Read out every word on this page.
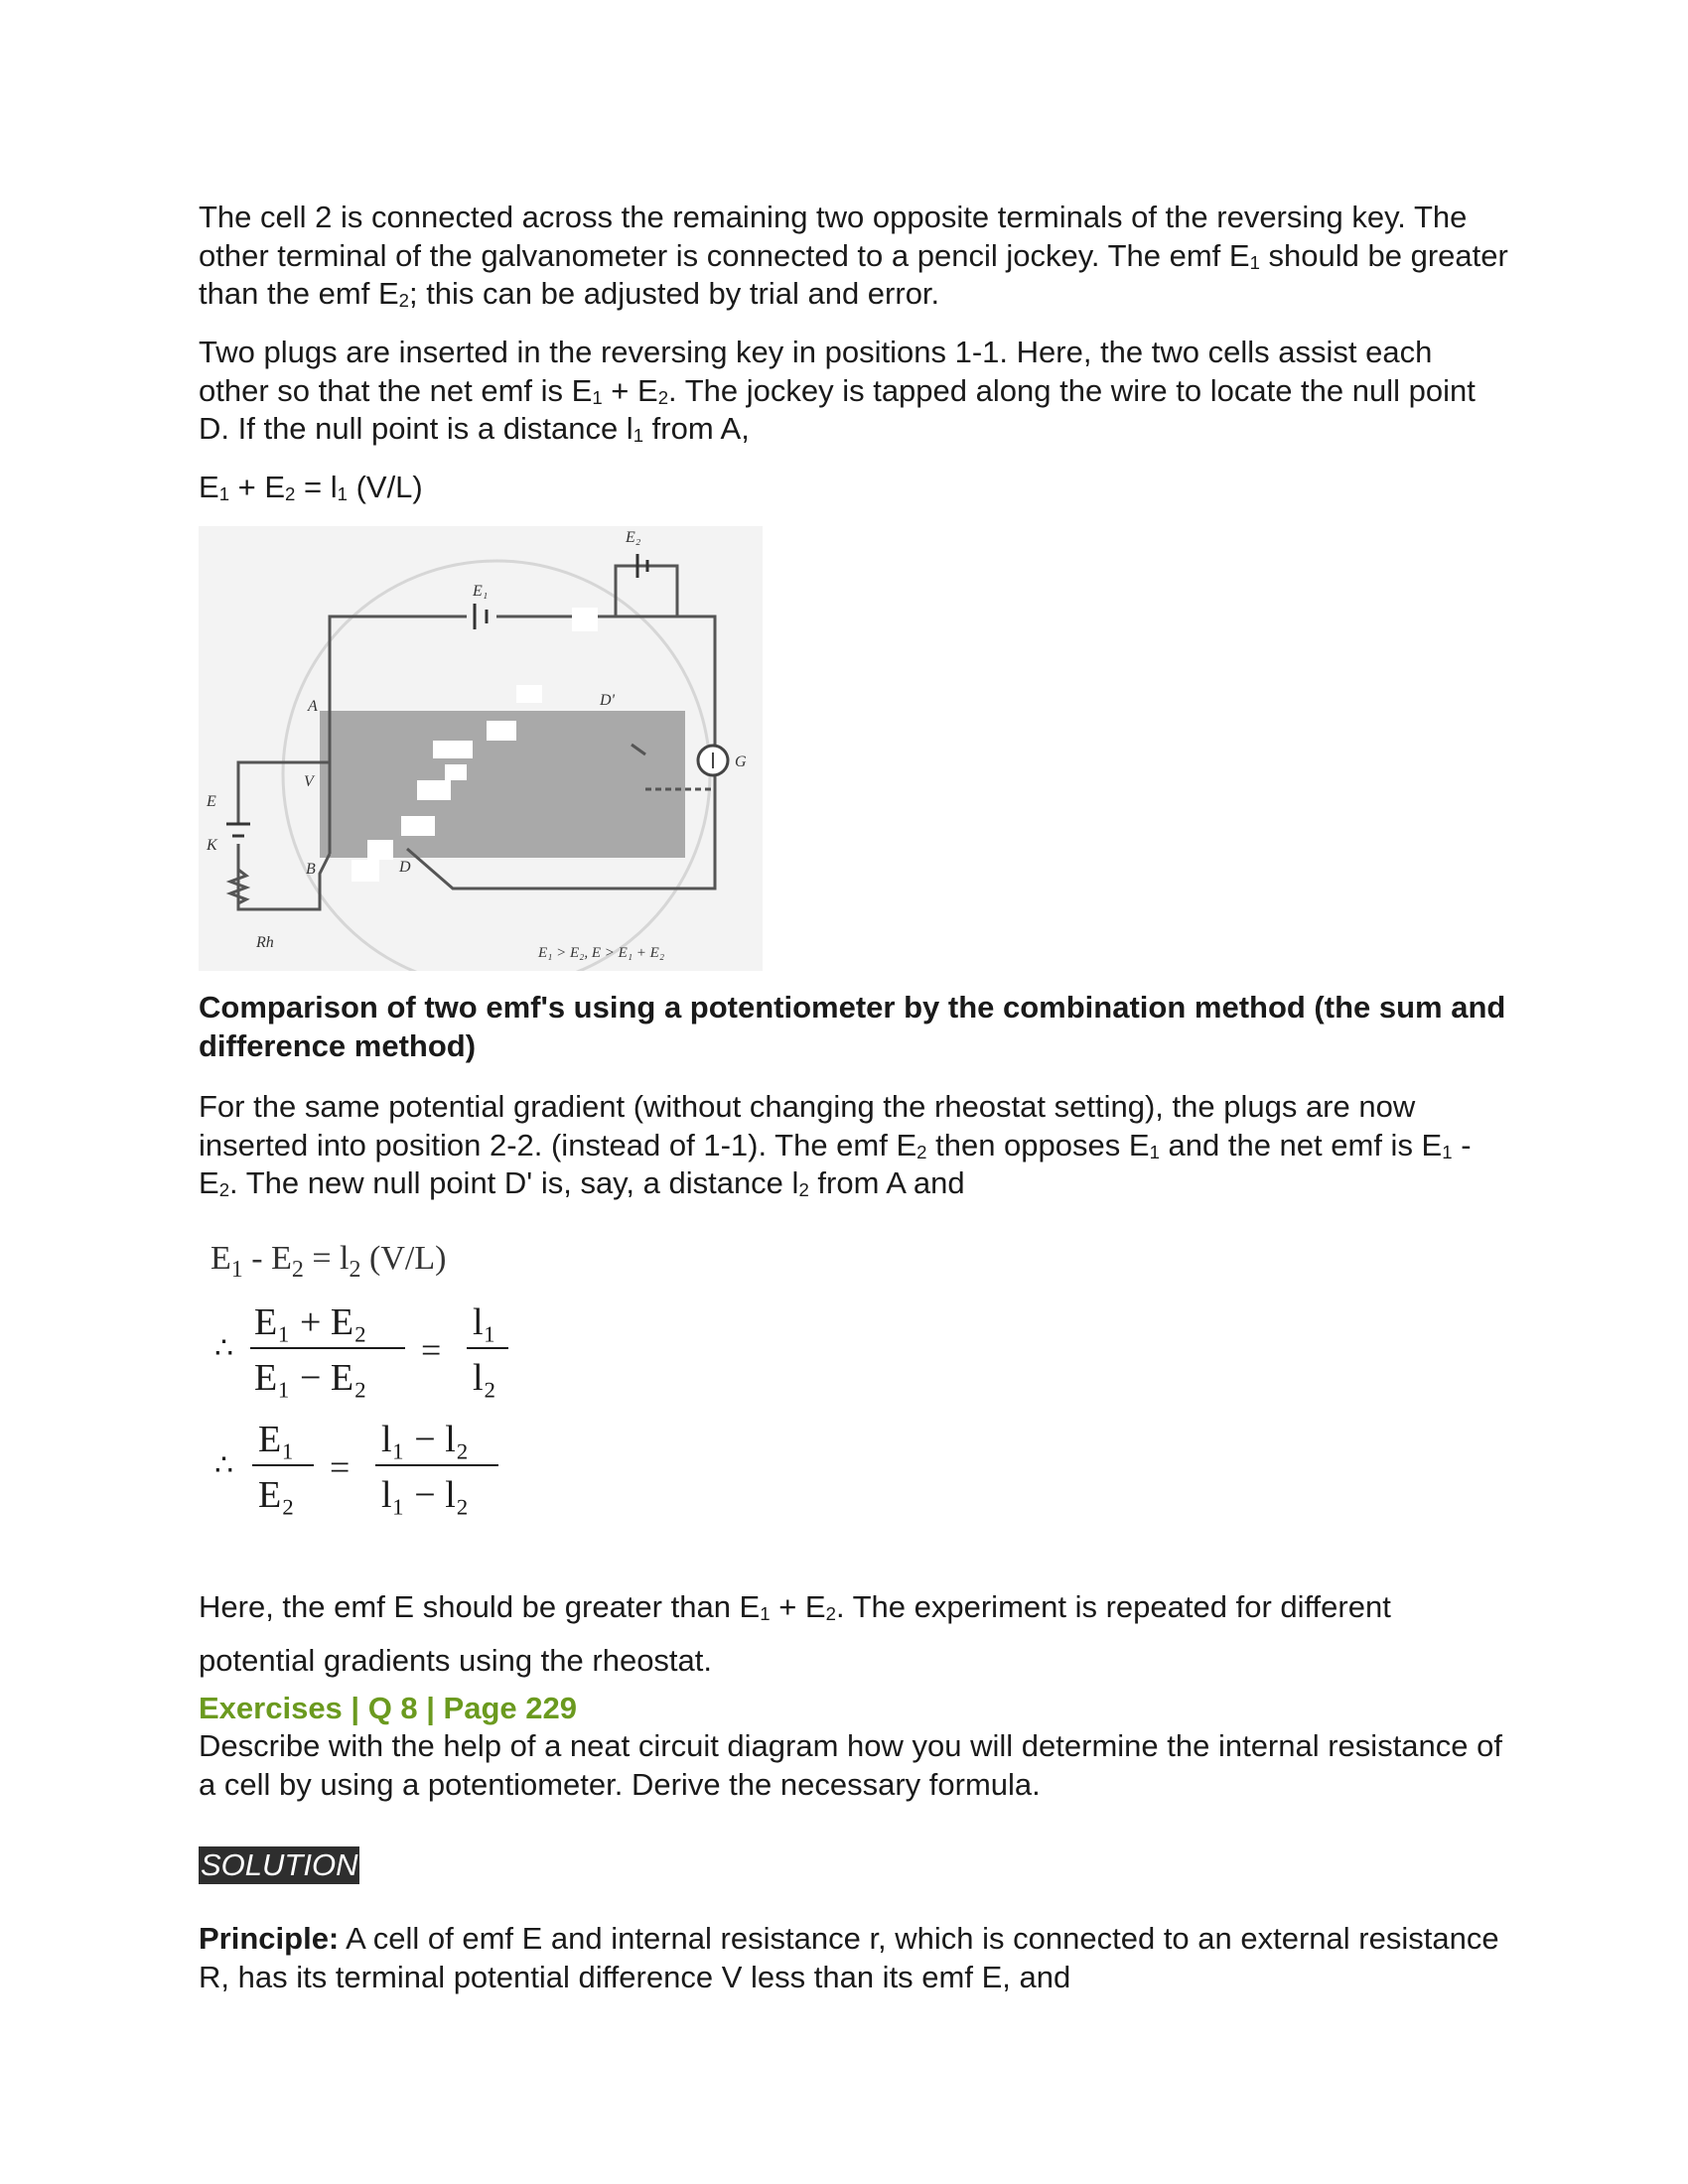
The cell 2 is connected across the remaining two opposite terminals of the reversing key. The other terminal of the galvanometer is connected to a pencil jockey. The emf $E_1$ should be greater than the emf $E_2$; this can be adjusted by trial and error.

Two plugs are inserted in the reversing key in positions 1-1. Here, the two cells assist each other so that the net emf is $E_1 + E_2$. The jockey is tapped along the wire to locate the null point D. If the null point is a distance $l_1$ from A,

$E_1 + E_2 = l_1$ (V/L)

E₁
E₂
A
B	D
D'
V
G
E
K
Rh
E₁ > E₂, E > E₁ + E₂

Comparison of two emf's using a potentiometer by the combination method (the sum and difference method)

For the same potential gradient (without changing the rheostat setting), the plugs are now inserted into position 2-2. (instead of 1-1). The emf $E_2$ then opposes $E_1$ and the net emf is $E_1 - E_2$. The new null point D' is, say, a distance $l_2$ from A and

$E_1 - E_2 = l_2$ (V/L)
∴
E₁ + E₂
E₁ − E₂
=
l₁
l₂
∴
E₁
E₂
=
l₁ − l₂
l₁ − l₂

Here, the emf E should be greater than $E_1 + E_2$. The experiment is repeated for different potential gradients using the rheostat.

Exercises | Q 8 | Page 229

Describe with the help of a neat circuit diagram how you will determine the internal resistance of a cell by using a potentiometer. Derive the necessary formula.

SOLUTION

Principle: A cell of emf E and internal resistance r, which is connected to an external resistance R, has its terminal potential difference V less than its emf E, and
